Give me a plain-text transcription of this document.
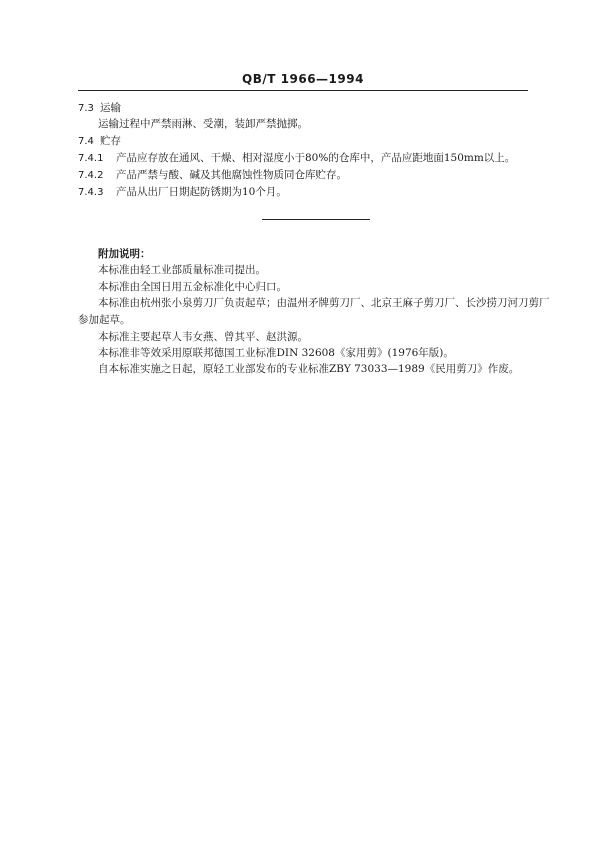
QB/T 1966—1994
7.3 运输
运输过程中严禁雨淋、受潮，装卸严禁抛掷。
7.4 贮存
7.4.1 产品应存放在通风、干燥、相对湿度小于80%的仓库中，产品应距地面150mm以上。
7.4.2 产品严禁与酸、碱及其他腐蚀性物质同仓库贮存。
7.4.3 产品从出厂日期起防锈期为10个月。
附加说明：
本标准由轻工业部质量标准司提出。
本标准由全国日用五金标准化中心归口。
本标准由杭州张小泉剪刀厂负责起草；由温州矛牌剪刀厂、北京王麻子剪刀厂、长沙捞刀河刀剪厂
参加起草。
本标准主要起草人韦女燕、曾其平、赵洪源。
本标准非等效采用原联邦德国工业标准DIN 32608《家用剪》(1976年版)。
自本标准实施之日起，原轻工业部发布的专业标准ZBY 73033—1989《民用剪刀》作废。
